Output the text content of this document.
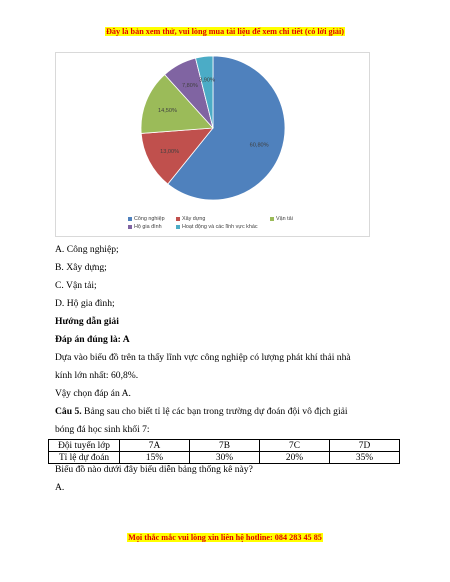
Đây là bản xem thử, vui lòng mua tài liệu để xem chi tiết (có lời giải)
60,80%
13,00%
14,50%
7,80%
3,90%
Công nghiệp	Xây dựng	Vận tải
Hộ gia đình	Hoạt động và các lĩnh vực khác
A. Công nghiệp;
B. Xây dựng;
C. Vận tải;
D. Hộ gia đình;
Hướng dẫn giải
Đáp án đúng là: A
Dựa vào biểu đồ trên ta thấy lĩnh vực công nghiệp có lượng phát khí thải nhà
kính lớn nhất: 60,8%.
Vậy chọn đáp án A.
Câu 5. Bảng sau cho biết tỉ lệ các bạn trong trường dự đoán đội vô địch giải
bóng đá học sinh khối 7:
Đội tuyển lớp	7A	7B	7C	7D
Tỉ lệ dự đoán	15%	30%	20%	35%
Biểu đồ nào dưới đây biểu diễn bảng thống kê này?
A.
Mọi thắc mắc vui lòng xin liên hệ hotline: 084 283 45 85
